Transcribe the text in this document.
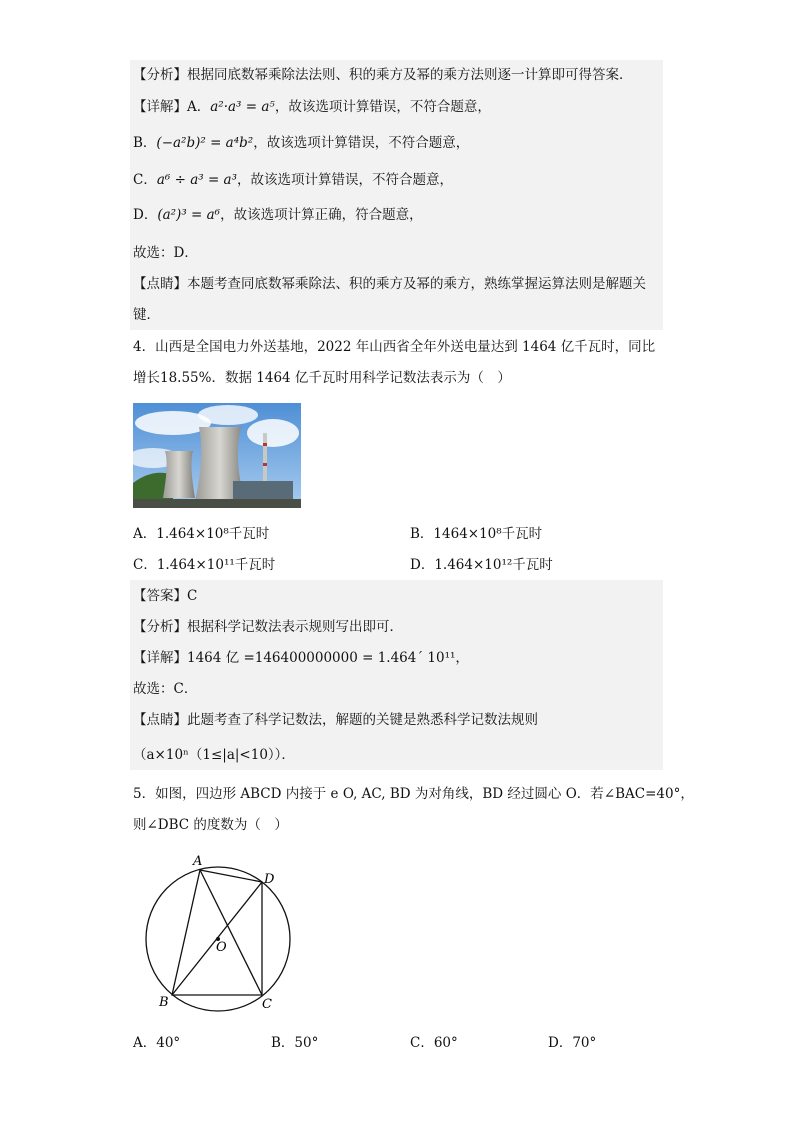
【分析】根据同底数幂乘除法法则、积的乘方及幂的乘方法则逐一计算即可得答案．
【详解】A．a²·a³ = a⁵，故该选项计算错误，不符合题意，
B．(−a²b)² = a⁴b²，故该选项计算错误，不符合题意，
C．a⁶ ÷ a³ = a³，故该选项计算错误，不符合题意，
D．(a²)³ = a⁶，故该选项计算正确，符合题意，
故选：D．
【点睛】本题考查同底数幂乘除法、积的乘方及幂的乘方，熟练掌握运算法则是解题关
键．
4．山西是全国电力外送基地，2022 年山西省全年外送电量达到 1464 亿千瓦时，同比
增长18.55%．数据 1464 亿千瓦时用科学记数法表示为（　）
A．1.464×10⁸千瓦时	B．1464×10⁸千瓦时
C．1.464×10¹¹千瓦时	D．1.464×10¹²千瓦时
【答案】C
【分析】根据科学记数法表示规则写出即可．
【详解】1464 亿 =146400000000 = 1.464´ 10¹¹，
故选：C．
【点睛】此题考查了科学记数法，解题的关键是熟悉科学记数法规则
（a×10ⁿ（1≤|a|<10））．
5．如图，四边形 ABCD 内接于 e O, AC, BD 为对角线，BD 经过圆心 O．若∠BAC=40°，
则∠DBC 的度数为（　）
A
D
O
B	C
A．40°	B．50°	C．60°	D．70°
